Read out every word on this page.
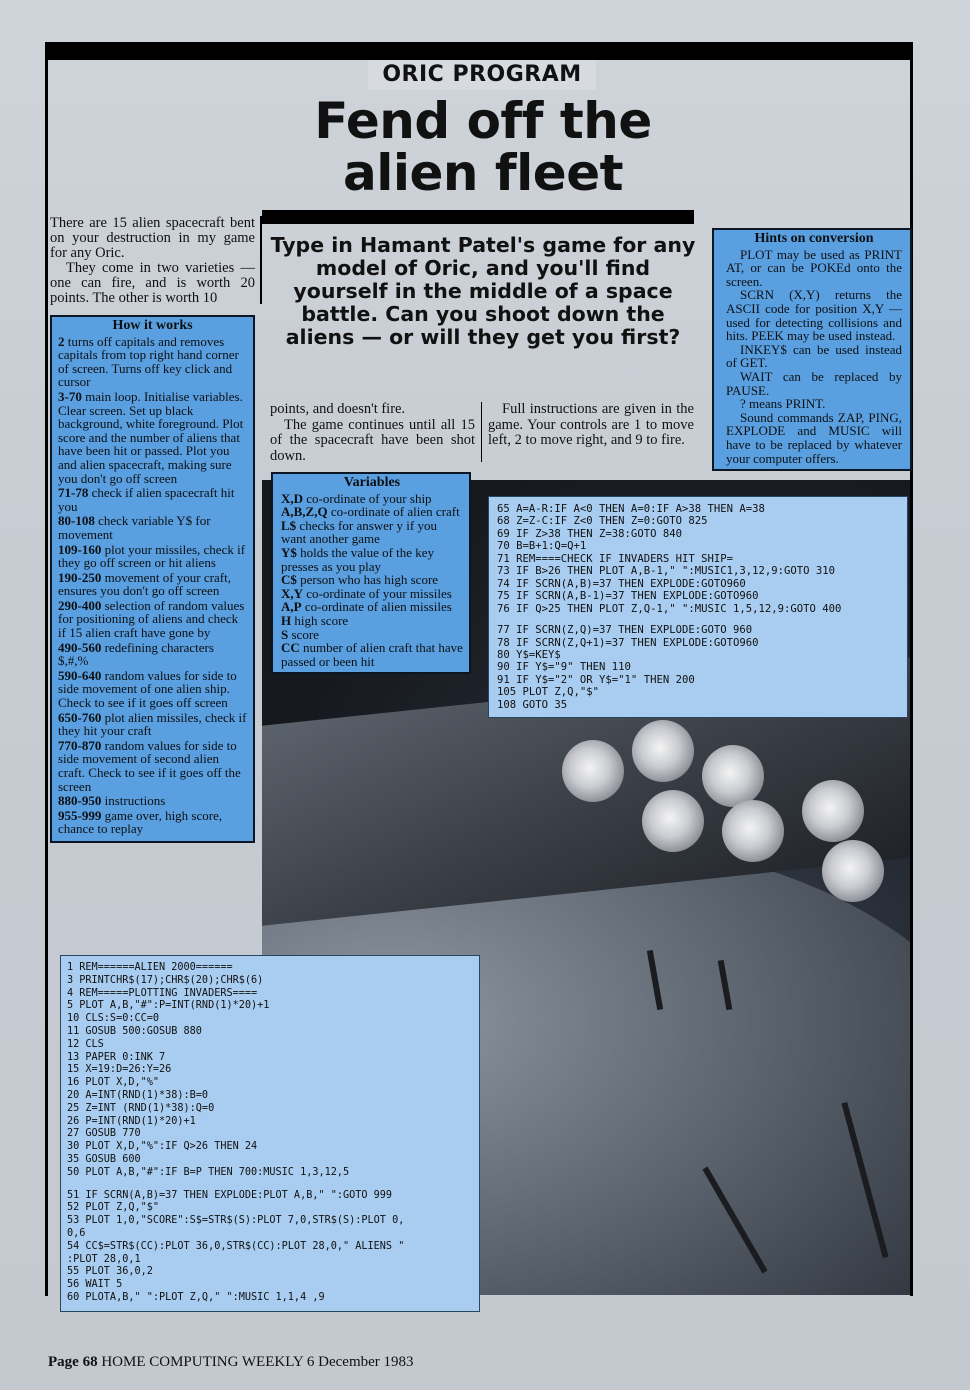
ORIC PROGRAM
Fend off the
alien fleet

There are 15 alien spacecraft bent on your destruction in my game for any Oric.

They come in two varieties — one can fire, and is worth 20 points. The other is worth 10

Type in Hamant Patel's game for any model of Oric, and you'll find yourself in the middle of a space battle. Can you shoot down the aliens — or will they get you first?
How it works
2 turns off capitals and removes capitals from top right hand corner of screen. Turns off key click and cursor
3-70 main loop. Initialise variables. Clear screen. Set up black background, white foreground. Plot score and the number of aliens that have been hit or passed. Plot you and alien spacecraft, making sure you don't go off screen
71-78 check if alien spacecraft hit you
80-108 check variable Y$ for movement
109-160 plot your missiles, check if they go off screen or hit aliens
190-250 movement of your craft, ensures you don't go off screen
290-400 selection of random values for positioning of aliens and check if 15 alien craft have gone by
490-560 redefining characters $,#,%
590-640 random values for side to side movement of one alien ship. Check to see if it goes off screen
650-760 plot alien missiles, check if they hit your craft
770-870 random values for side to side movement of second alien craft. Check to see if it goes off the screen
880-950 instructions
955-999 game over, high score, chance to replay

points, and doesn't fire.

The game continues until all 15 of the spacecraft have been shot down.

Full instructions are given in the game. Your controls are 1 to move left, 2 to move right, and 9 to fire.

Hints on conversion

PLOT may be used as PRINT AT, or can be POKEd onto the screen.

SCRN (X,Y) returns the ASCII code for position X,Y — used for detecting collisions and hits. PEEK may be used instead.

INKEY$ can be used instead of GET.

WAIT can be replaced by PAUSE.

? means PRINT.

Sound commands ZAP, PING, EXPLODE and MUSIC will have to be replaced by whatever your computer offers.

Variables
X,D co-ordinate of your ship
A,B,Z,Q co-ordinate of alien craft
L$ checks for answer y if you want another game
Y$ holds the value of the key presses as you play
C$ person who has high score
X,Y co-ordinate of your missiles
A,P co-ordinate of alien missiles
H high score
S score
CC number of alien craft that have passed or been hit
65 A=A-R:IF A<0 THEN A=0:IF A>38 THEN A=38
68 Z=Z-C:IF Z<0 THEN Z=0:GOTO 825
69 IF Z>38 THEN Z=38:GOTO 840
70 B=B+1:Q=Q+1
71 REM====CHECK IF INVADERS HIT SHIP=
73 IF B>26 THEN PLOT A,B-1," ":MUSIC1,3,12,9:GOTO 310
74 IF SCRN(A,B)=37 THEN EXPLODE:GOTO960
75 IF SCRN(A,B-1)=37 THEN EXPLODE:GOTO960
76 IF Q>25 THEN PLOT Z,Q-1," ":MUSIC 1,5,12,9:GOTO 400
77 IF SCRN(Z,Q)=37 THEN EXPLODE:GOTO 960
78 IF SCRN(Z,Q+1)=37 THEN EXPLODE:GOTO960
80 Y$=KEY$
90 IF Y$="9" THEN 110
91 IF Y$="2" OR Y$="1" THEN 200
105 PLOT Z,Q,"$"
108 GOTO 35
1 REM======ALIEN 2000======
3 PRINTCHR$(17);CHR$(20);CHR$(6)
4 REM=====PLOTTING INVADERS====
5 PLOT A,B,"#":P=INT(RND(1)*20)+1
10 CLS:S=0:CC=0
11 GOSUB 500:GOSUB 880
12 CLS
13 PAPER 0:INK 7
15 X=19:D=26:Y=26
16 PLOT X,D,"%"
20 A=INT(RND(1)*38):B=0
25 Z=INT (RND(1)*38):Q=0
26 P=INT(RND(1)*20)+1
27 GOSUB 770
30 PLOT X,D,"%":IF Q>26 THEN 24
35 GOSUB 600
50 PLOT A,B,"#":IF B=P THEN 700:MUSIC 1,3,12,5
51 IF SCRN(A,B)=37 THEN EXPLODE:PLOT A,B," ":GOTO 999
52 PLOT Z,Q,"$"
53 PLOT 1,0,"SCORE":S$=STR$(S):PLOT 7,0,STR$(S):PLOT 0,
0,6
54 CC$=STR$(CC):PLOT 36,0,STR$(CC):PLOT 28,0," ALIENS "
:PLOT 28,0,1
55 PLOT 36,0,2
56 WAIT 5
60 PLOTA,B," ":PLOT Z,Q," ":MUSIC 1,1,4 ,9
Page 68 HOME COMPUTING WEEKLY 6 December 1983
